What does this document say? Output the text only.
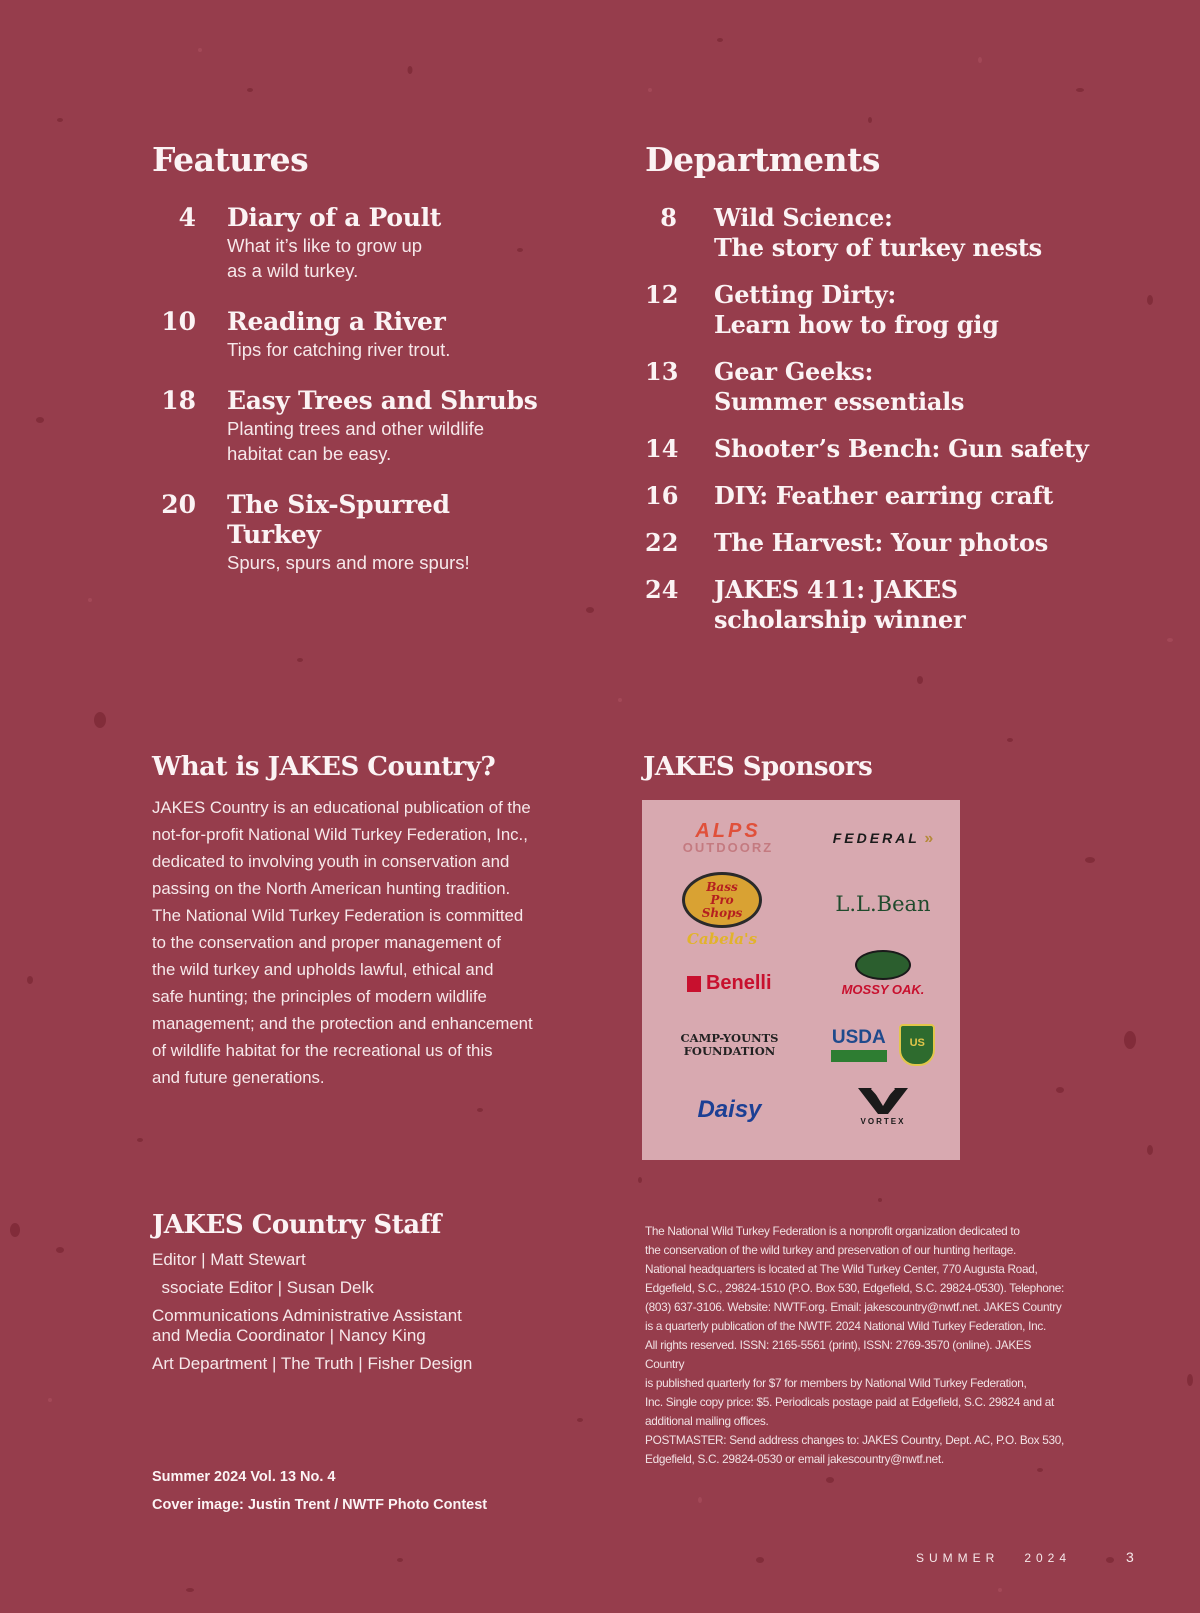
Features
4 Diary of a Poult
What it’s like to grow up
as a wild turkey.
10 Reading a River
Tips for catching river trout.
18 Easy Trees and Shrubs
Planting trees and other wildlife
habitat can be easy.
20 The Six-Spurred
Turkey
Spurs, spurs and more spurs!
Departments
8 Wild Science:
The story of turkey nests
12 Getting Dirty:
Learn how to frog gig
13 Gear Geeks:
Summer essentials
14 Shooter’s Bench: Gun safety
16 DIY: Feather earring craft
22 The Harvest: Your photos
24 JAKES 411: JAKES
scholarship winner
What is JAKES Country?

JAKES Country is an educational publication of the
not-for-profit National Wild Turkey Federation, Inc.,
dedicated to involving youth in conservation and
passing on the North American hunting tradition.
The National Wild Turkey Federation is committed
to the conservation and proper management of
the wild turkey and upholds lawful, ethical and
safe hunting; the principles of modern wildlife
management; and the protection and enhancement
of wildlife habitat for the recreational us of this
and future generations.

JAKES Sponsors
ALPS
OUTDOORZ
FEDERAL »
Bass
Pro
Shops
Cabela's
L.L.Bean
Benelli	MOSSY OAK.
CAMP-YOUNTS
FOUNDATION
USDA US
Daisy	VORTEX
JAKES Country Staff
Editor | Matt Stewart
ssociate Editor | Susan Delk
Communications Administrative Assistant
and Media Coordinator | Nancy King
Art Department | The Truth | Fisher Design
Summer 2024 Vol. 13 No. 4
Cover image: Justin Trent / NWTF Photo Contest
The National Wild Turkey Federation is a nonprofit organization dedicated to
the conservation of the wild turkey and preservation of our hunting heritage.
National headquarters is located at The Wild Turkey Center, 770 Augusta Road,
Edgefield, S.C., 29824-1510 (P.O. Box 530, Edgefield, S.C. 29824-0530). Telephone:
(803) 637-3106. Website: NWTF.org. Email: jakescountry@nwtf.net. JAKES Country
is a quarterly publication of the NWTF. 2024 National Wild Turkey Federation, Inc.
All rights reserved. ISSN: 2165-5561 (print), ISSN: 2769-3570 (online). JAKES Country
is published quarterly for $7 for members by National Wild Turkey Federation,
Inc. Single copy price: $5. Periodicals postage paid at Edgefield, S.C. 29824 and at
additional mailing offices.
POSTMASTER: Send address changes to: JAKES Country, Dept. AC, P.O. Box 530,
Edgefield, S.C. 29824-0530 or email jakescountry@nwtf.net.
SUMMER   2024	3
